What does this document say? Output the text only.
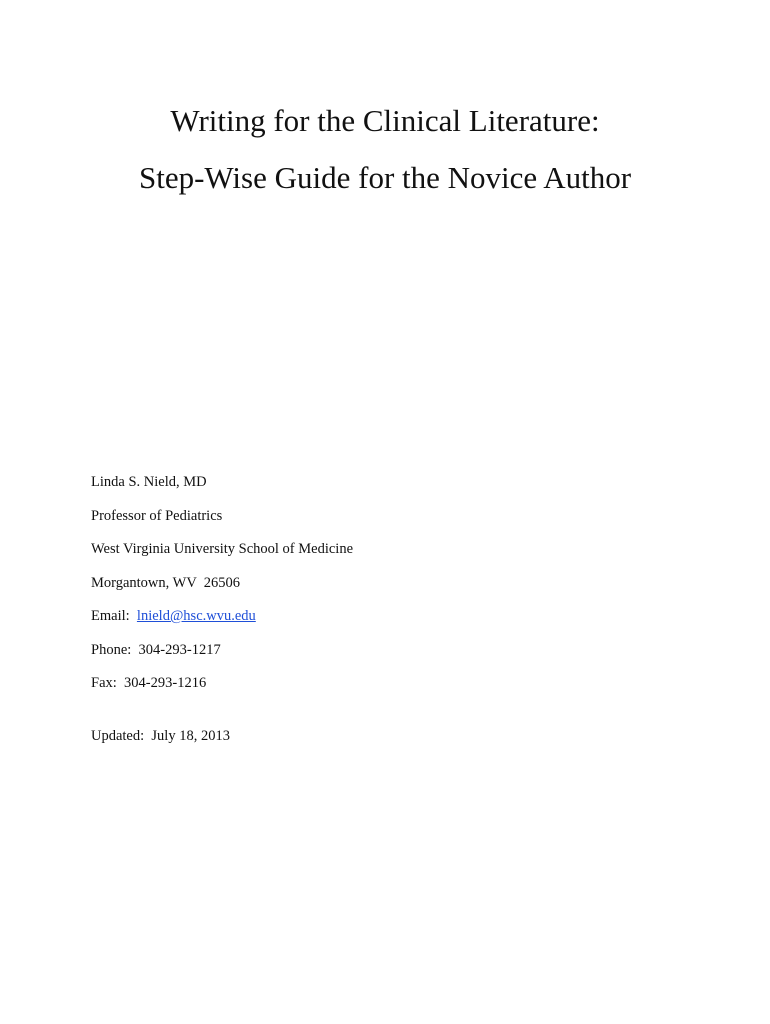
Writing for the Clinical Literature:
Step-Wise Guide for the Novice Author
Linda S. Nield, MD
Professor of Pediatrics
West Virginia University School of Medicine
Morgantown, WV  26506
Email: lnield@hsc.wvu.edu
Phone: 304-293-1217
Fax: 304-293-1216
Updated: July 18, 2013
